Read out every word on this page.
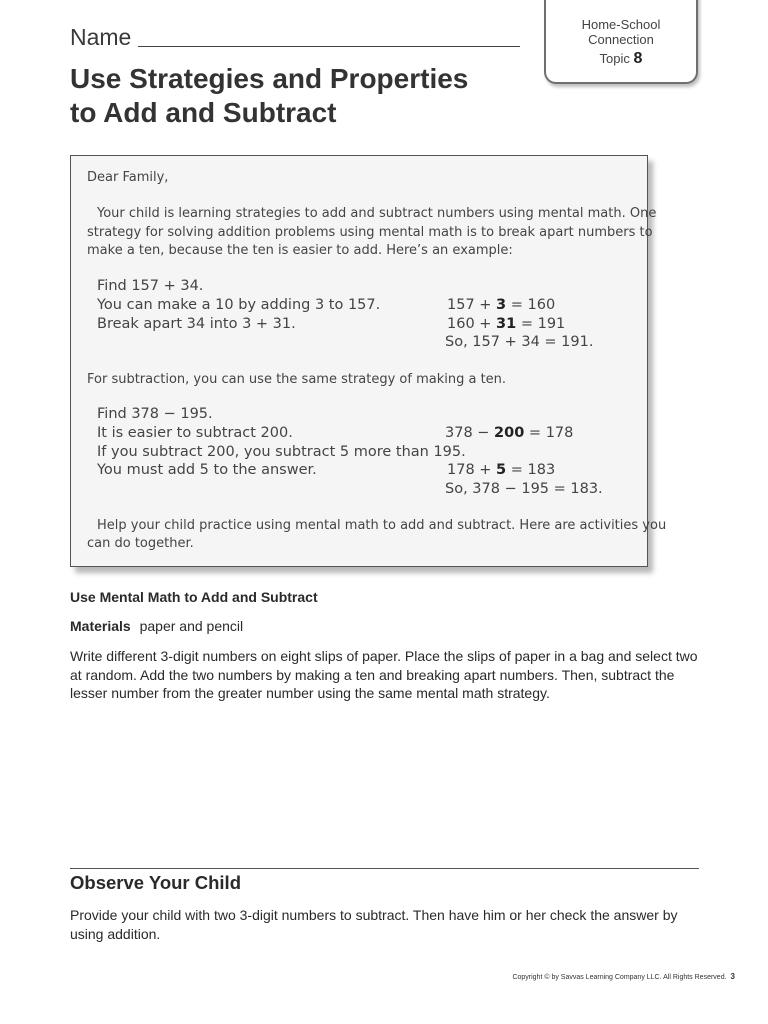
Name
Use Strategies and Properties
to Add and Subtract
Home-School
Connection
Topic 8
Dear Family,
Your child is learning strategies to add and subtract numbers using mental math. One
strategy for solving addition problems using mental math is to break apart numbers to
make a ten, because the ten is easier to add. Here’s an example:
Find 157 + 34.
You can make a 10 by adding 3 to 157.
Break apart 34 into 3 + 31.
157 + 3 = 160
160 + 31 = 191
So, 157 + 34 = 191.
For subtraction, you can use the same strategy of making a ten.
Find 378 − 195.
It is easier to subtract 200.
If you subtract 200, you subtract 5 more than 195.
You must add 5 to the answer.
378 − 200 = 178
178 + 5 = 183
So, 378 − 195 = 183.
Help your child practice using mental math to add and subtract. Here are activities you
can do together.
Use Mental Math to Add and Subtract
Materials paper and pencil

Write different 3-digit numbers on eight slips of paper. Place the slips of paper in a bag and select two at random. Add the two numbers by making a ten and breaking apart numbers. Then, subtract the lesser number from the greater number using the same mental math strategy.

Observe Your Child

Provide your child with two 3-digit numbers to subtract. Then have him or her check the answer by using addition.

Copyright © by Savvas Learning Company LLC. All Rights Reserved. 3
